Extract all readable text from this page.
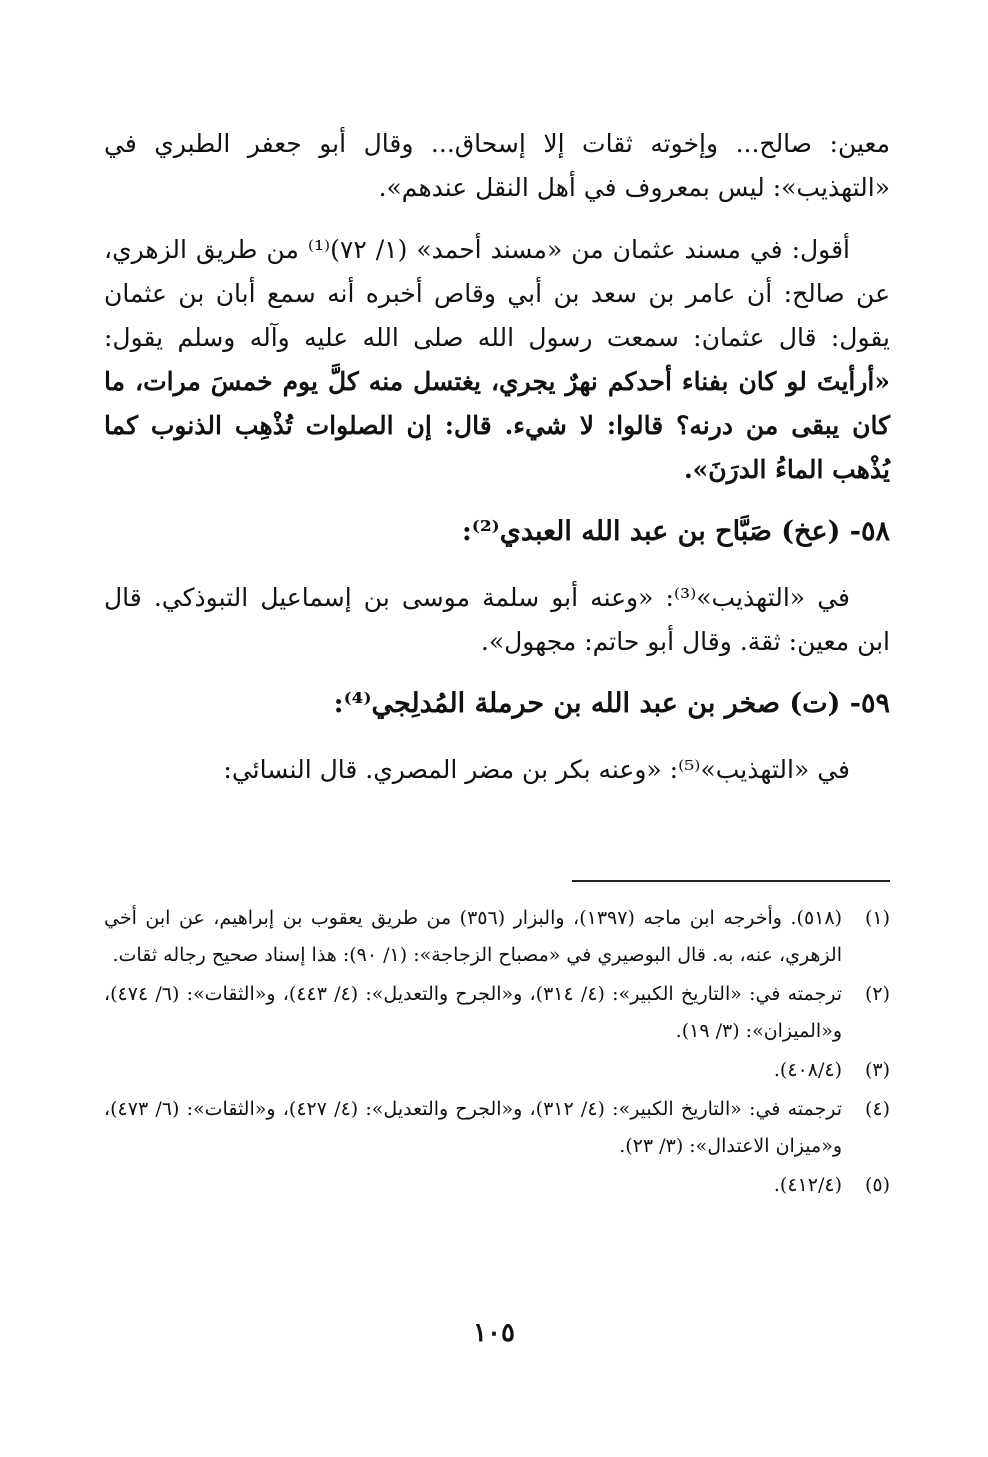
معين: صالح... وإخوته ثقات إلا إسحاق... وقال أبو جعفر الطبري في «التهذيب»: ليس بمعروف في أهل النقل عندهم».

أقول: في مسند عثمان من «مسند أحمد» (١/ ٧٢)⁽¹⁾ من طريق الزهري، عن صالح: أن عامر بن سعد بن أبي وقاص أخبره أنه سمع أبان بن عثمان يقول: قال عثمان: سمعت رسول الله صلى الله عليه وآله وسلم يقول: «أرأيتَ لو كان بفناء أحدكم نهرٌ يجري، يغتسل منه كلَّ يوم خمسَ مرات، ما كان يبقى من درنه؟ قالوا: لا شيء. قال: إن الصلوات تُذْهِب الذنوب كما يُذْهب الماءُ الدرَنَ».

٥٨- (عخ) صَبَّاح بن عبد الله العبدي⁽²⁾:

في «التهذيب»⁽³⁾: «وعنه أبو سلمة موسى بن إسماعيل التبوذكي. قال ابن معين: ثقة. وقال أبو حاتم: مجهول».

٥٩- (ت) صخر بن عبد الله بن حرملة المُدلِجي⁽⁴⁾:

في «التهذيب»⁽⁵⁾: «وعنه بكر بن مضر المصري. قال النسائي:

(١)(٥١٨). وأخرجه ابن ماجه (١٣٩٧)، والبزار (٣٥٦) من طريق يعقوب بن إبراهيم، عن ابن أخي الزهري، عنه، به. قال البوصيري في «مصباح الزجاجة»: (١/ ٩٠): هذا إسناد صحيح رجاله ثقات.

(٢)ترجمته في: «التاريخ الكبير»: (٤/ ٣١٤)، و«الجرح والتعديل»: (٤/ ٤٤٣)، و«الثقات»: (٦/ ٤٧٤)، و«الميزان»: (٣/ ١٩).

(٣)(٤٠٨/٤).

(٤)ترجمته في: «التاريخ الكبير»: (٤/ ٣١٢)، و«الجرح والتعديل»: (٤/ ٤٢٧)، و«الثقات»: (٦/ ٤٧٣)، و«ميزان الاعتدال»: (٣/ ٢٣).

(٥)(٤١٢/٤).

١٠٥
